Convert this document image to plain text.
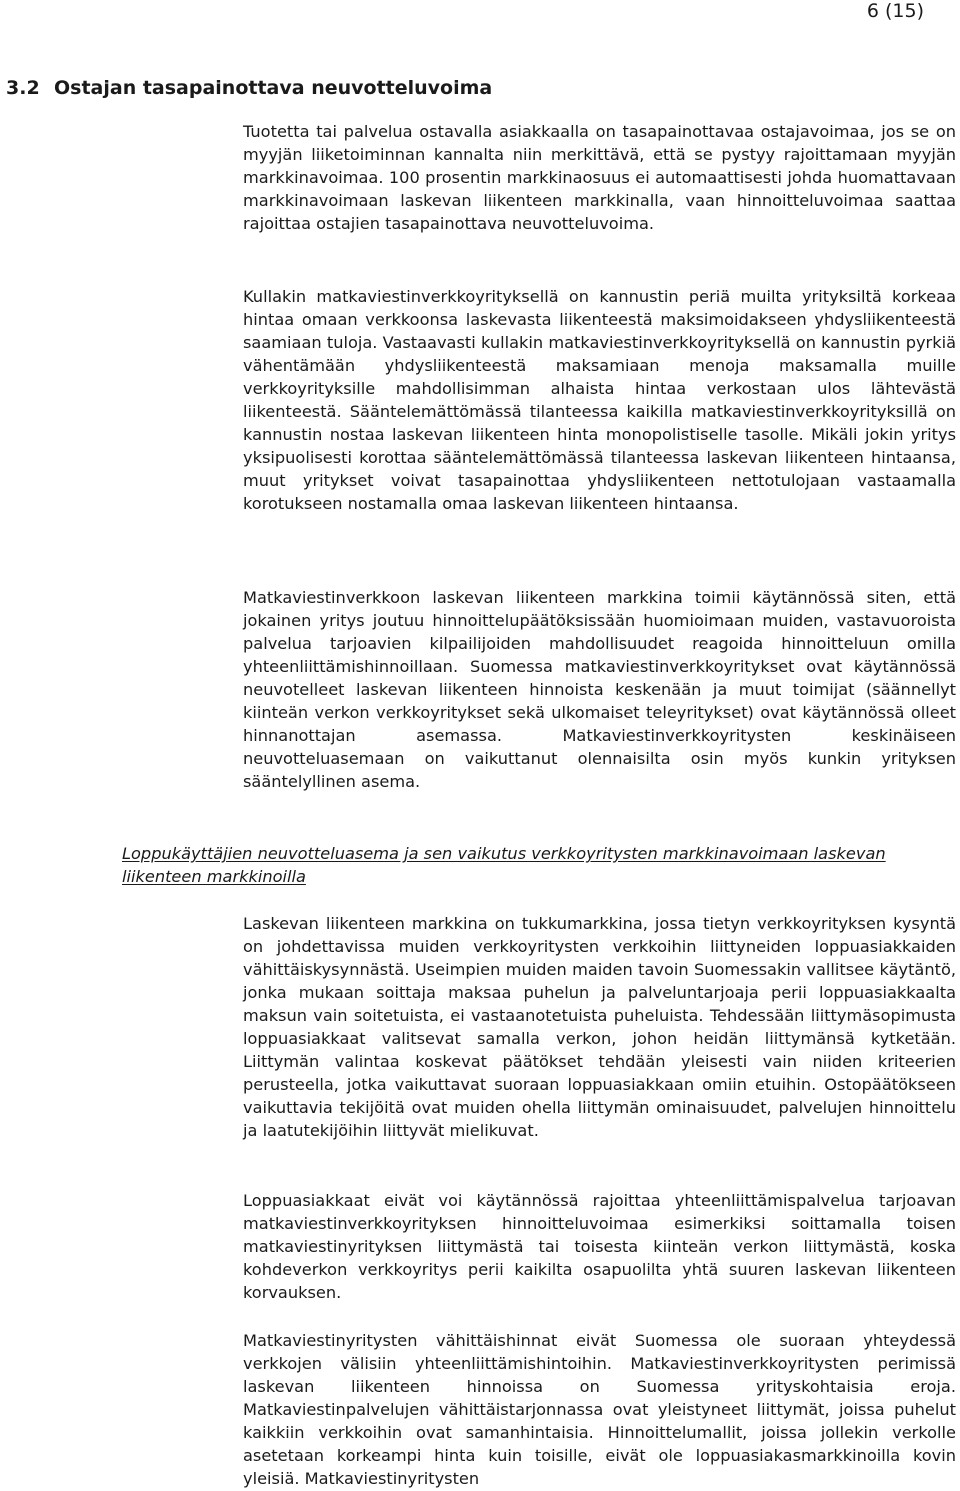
6 (15)
3.2 Ostajan tasapainottava neuvotteluvoima

Tuotetta tai palvelua ostavalla asiakkaalla on tasapainottavaa ostajavoimaa, jos se on myyjän liiketoiminnan kannalta niin merkittävä, että se pystyy rajoittamaan myyjän markkinavoimaa. 100 prosentin markkinaosuus ei automaattisesti johda huomattavaan markkinavoimaan laskevan liikenteen markkinalla, vaan hinnoitteluvoimaa saattaa rajoittaa ostajien tasapainottava neuvotteluvoima.

Kullakin matkaviestinverkkoyrityksellä on kannustin periä muilta yrityksiltä korkeaa hintaa omaan verkkoonsa laskevasta liikenteestä maksimoidakseen yhdysliikenteestä saamiaan tuloja. Vastaavasti kullakin matkaviestinverkkoyrityksellä on kannustin pyrkiä vähentämään yhdysliikenteestä maksamiaan menoja maksamalla muille verkkoyrityksille mahdollisimman alhaista hintaa verkostaan ulos lähtevästä liikenteestä. Sääntelemättömässä tilanteessa kaikilla matkaviestinverkkoyrityksillä on kannustin nostaa laskevan liikenteen hinta monopolistiselle tasolle. Mikäli jokin yritys yksipuolisesti korottaa sääntelemättömässä tilanteessa laskevan liikenteen hintaansa, muut yritykset voivat tasapainottaa yhdysliikenteen nettotulojaan vastaamalla korotukseen nostamalla omaa laskevan liikenteen hintaansa.

Matkaviestinverkkoon laskevan liikenteen markkina toimii käytännössä siten, että jokainen yritys joutuu hinnoittelupäätöksissään huomioimaan muiden, vastavuoroista palvelua tarjoavien kilpailijoiden mahdollisuudet reagoida hinnoitteluun omilla yhteenliittämishinnoillaan. Suomessa matkaviestinverkkoyritykset ovat käytännössä neuvotelleet laskevan liikenteen hinnoista keskenään ja muut toimijat (säännellyt kiinteän verkon verkkoyritykset sekä ulkomaiset teleyritykset) ovat käytännössä olleet hinnanottajan asemassa. Matkaviestinverkkoyritysten keskinäiseen neuvotteluasemaan on vaikuttanut olennaisilta osin myös kunkin yrityksen sääntelyllinen asema.

Loppukäyttäjien neuvotteluasema ja sen vaikutus verkkoyritysten markkinavoimaan laskevan liikenteen markkinoilla

Laskevan liikenteen markkina on tukkumarkkina, jossa tietyn verkkoyrityksen kysyntä on johdettavissa muiden verkkoyritysten verkkoihin liittyneiden loppuasiakkaiden vähittäiskysynnästä. Useimpien muiden maiden tavoin Suomessakin vallitsee käytäntö, jonka mukaan soittaja maksaa puhelun ja palveluntarjoaja perii loppuasiakkaalta maksun vain soitetuista, ei vastaanotetuista puheluista. Tehdessään liittymäsopimusta loppuasiakkaat valitsevat samalla verkon, johon heidän liittymänsä kytketään. Liittymän valintaa koskevat päätökset tehdään yleisesti vain niiden kriteerien perusteella, jotka vaikuttavat suoraan loppuasiakkaan omiin etuihin. Ostopäätökseen vaikuttavia tekijöitä ovat muiden ohella liittymän ominaisuudet, palvelujen hinnoittelu ja laatutekijöihin liittyvät mielikuvat.

Loppuasiakkaat eivät voi käytännössä rajoittaa yhteenliittämispalvelua tarjoavan matkaviestinverkkoyrityksen hinnoitteluvoimaa esimerkiksi soittamalla toisen matkaviestinyrityksen liittymästä tai toisesta kiinteän verkon liittymästä, koska kohdeverkon verkkoyritys perii kaikilta osapuolilta yhtä suuren laskevan liikenteen korvauksen.

Matkaviestinyritysten vähittäishinnat eivät Suomessa ole suoraan yhteydessä verkkojen välisiin yhteenliittämishintoihin. Matkaviestinverkkoyritysten perimissä laskevan liikenteen hinnoissa on Suomessa yrityskohtaisia eroja. Matkaviestinpalvelujen vähittäistarjonnassa ovat yleistyneet liittymät, joissa puhelut kaikkiin verkkoihin ovat samanhintaisia. Hinnoittelumallit, joissa jollekin verkolle asetetaan korkeampi hinta kuin toisille, eivät ole loppuasiakasmarkkinoilla kovin yleisiä. Matkaviestinyritysten
